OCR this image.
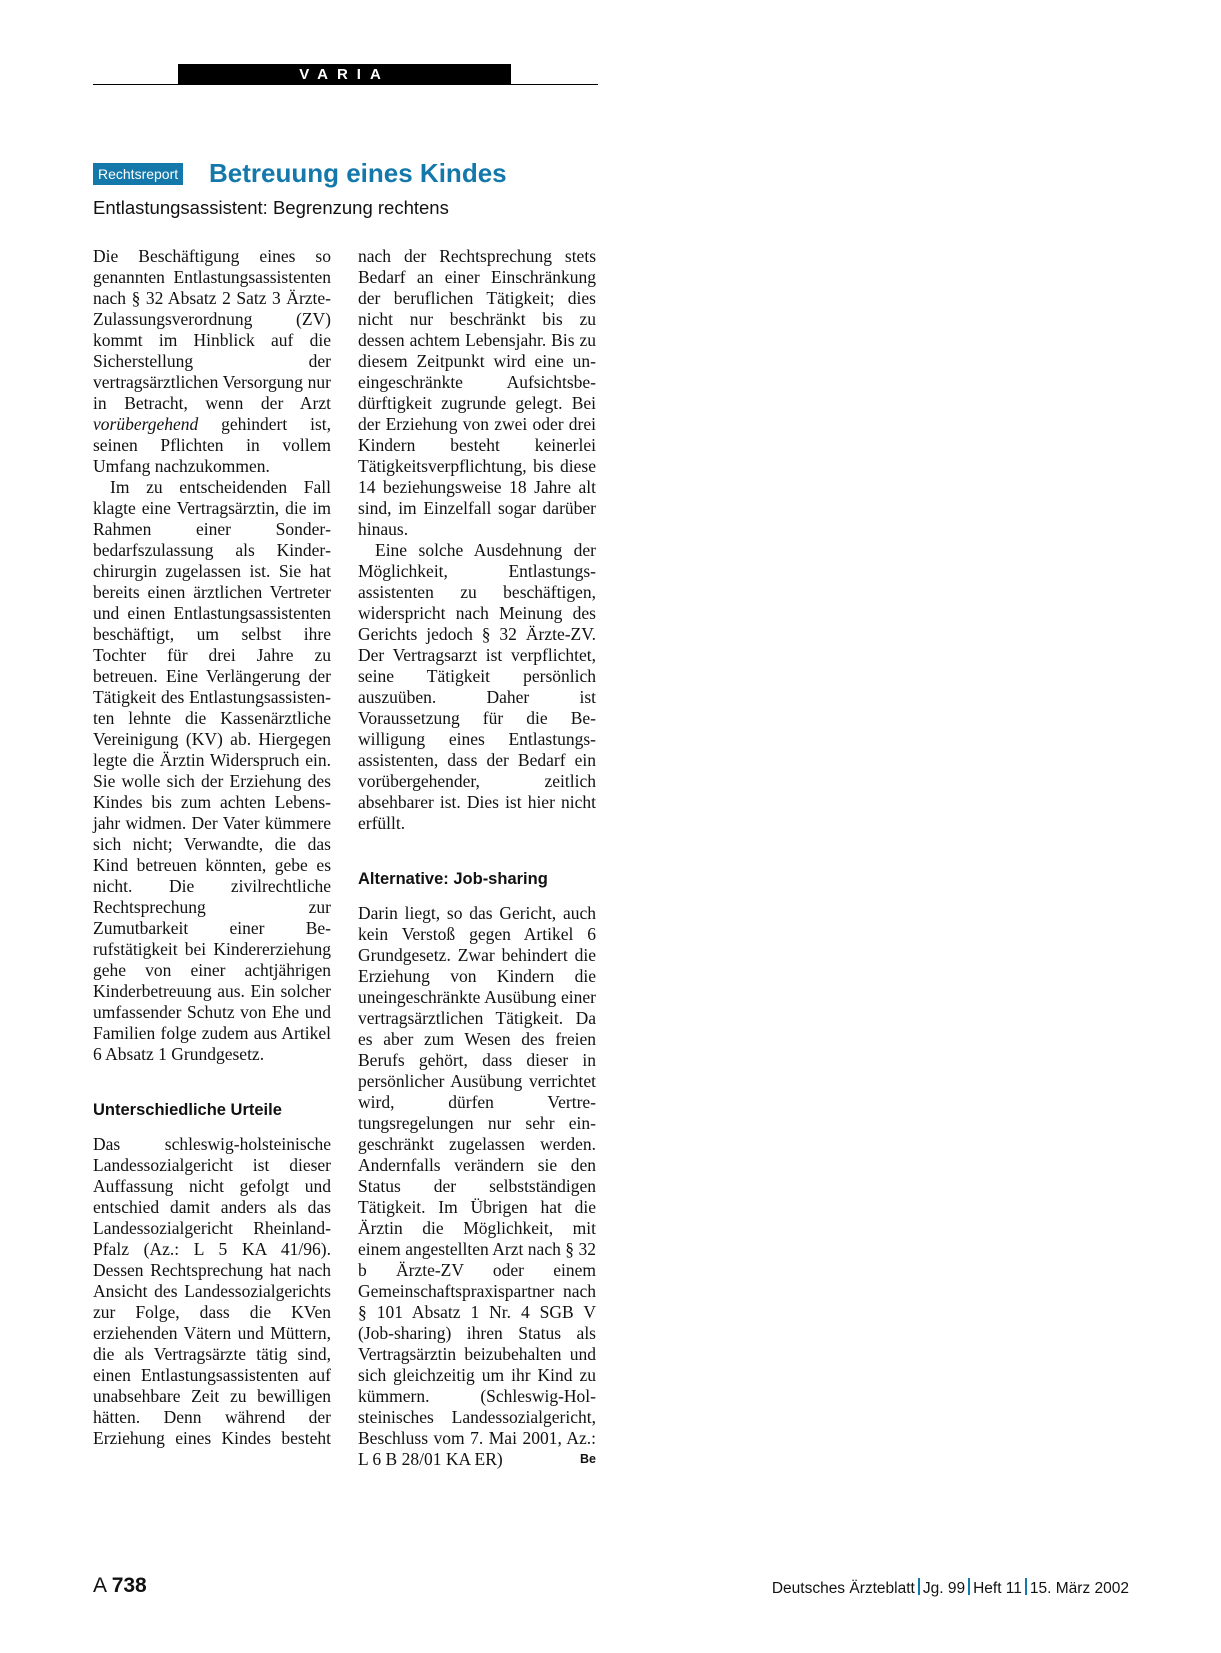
VARIA
Rechtsreport Betreuung eines Kindes

Entlastungsassistent: Begrenzung rechtens

Die Beschäftigung eines so genannten Entlastungsassistenten nach § 32 Absatz 2 Satz 3 Ärzte-Zulassungsverordnung (ZV) kommt im Hinblick auf die Sicherstellung der vertragsärztlichen Versorgung nur in Betracht, wenn der Arzt vorübergehend gehindert ist, seinen Pflichten in vollem Umfang nachzukommen.

Im zu entscheidenden Fall klagte eine Vertragsärztin, die im Rahmen einer Sonderbedarfszulassung als Kinderchirurgin zugelassen ist. Sie hat bereits einen ärztlichen Vertreter und einen Entlastungsassistenten beschäftigt, um selbst ihre Tochter für drei Jahre zu betreuen. Eine Verlängerung der Tätigkeit des Entlastungsassistenten lehnte die Kassenärztliche Vereinigung (KV) ab. Hiergegen legte die Ärztin Widerspruch ein. Sie wolle sich der Erziehung des Kindes bis zum achten Lebensjahr widmen. Der Vater kümmere sich nicht; Verwandte, die das Kind betreuen könnten, gebe es nicht. Die zivilrechtliche Rechtsprechung zur Zumutbarkeit einer Berufstätigkeit bei Kindererziehung gehe von einer achtjährigen Kinderbetreuung aus. Ein solcher umfassender Schutz von Ehe und Familien folge zudem aus Artikel 6 Absatz 1 Grundgesetz.

Unterschiedliche Urteile

Das schleswig-holsteinische Landessozialgericht ist dieser Auffassung nicht gefolgt und entschied damit anders als das Landessozialgericht Rheinland-Pfalz (Az.: L 5 KA 41/96). Dessen Rechtsprechung hat nach Ansicht des Landessozialgerichts zur Folge, dass die KVen erziehenden Vätern und Müttern, die als Vertragsärzte tätig sind, einen Entlastungsassistenten auf unabsehbare Zeit zu bewilligen hätten. Denn während der Erziehung eines Kindes besteht

nach der Rechtsprechung stets Bedarf an einer Einschränkung der beruflichen Tätigkeit; dies nicht nur beschränkt bis zu dessen achtem Lebensjahr. Bis zu diesem Zeitpunkt wird eine uneingeschränkte Aufsichtsbedürftigkeit zugrunde gelegt. Bei der Erziehung von zwei oder drei Kindern besteht keinerlei Tätigkeitsverpflichtung, bis diese 14 beziehungsweise 18 Jahre alt sind, im Einzelfall sogar darüber hinaus.

Eine solche Ausdehnung der Möglichkeit, Entlastungsassistenten zu beschäftigen, widerspricht nach Meinung des Gerichts jedoch § 32 Ärzte-ZV. Der Vertragsarzt ist verpflichtet, seine Tätigkeit persönlich auszuüben. Daher ist Voraussetzung für die Bewilligung eines Entlastungsassistenten, dass der Bedarf ein vorübergehender, zeitlich absehbarer ist. Dies ist hier nicht erfüllt.

Alternative: Job-sharing

Darin liegt, so das Gericht, auch kein Verstoß gegen Artikel 6 Grundgesetz. Zwar behindert die Erziehung von Kindern die uneingeschränkte Ausübung einer vertragsärztlichen Tätigkeit. Da es aber zum Wesen des freien Berufs gehört, dass dieser in persönlicher Ausübung verrichtet wird, dürfen Vertretungsregelungen nur sehr eingeschränkt zugelassen werden. Andernfalls verändern sie den Status der selbstständigen Tätigkeit. Im Übrigen hat die Ärztin die Möglichkeit, mit einem angestellten Arzt nach § 32 b Ärzte-ZV oder einem Gemeinschaftspraxispartner nach § 101 Absatz 1 Nr. 4 SGB V (Job-sharing) ihren Status als Vertragsärztin beizubehalten und sich gleichzeitig um ihr Kind zu kümmern. (Schleswig-Holsteinisches Landessozialgericht, Beschluss vom 7. Mai 2001, Az.: L 6 B 28/01 KA ER)	Be

A 738	Deutsches Ärzteblatt Jg. 99 Heft 11 15. März 2002
